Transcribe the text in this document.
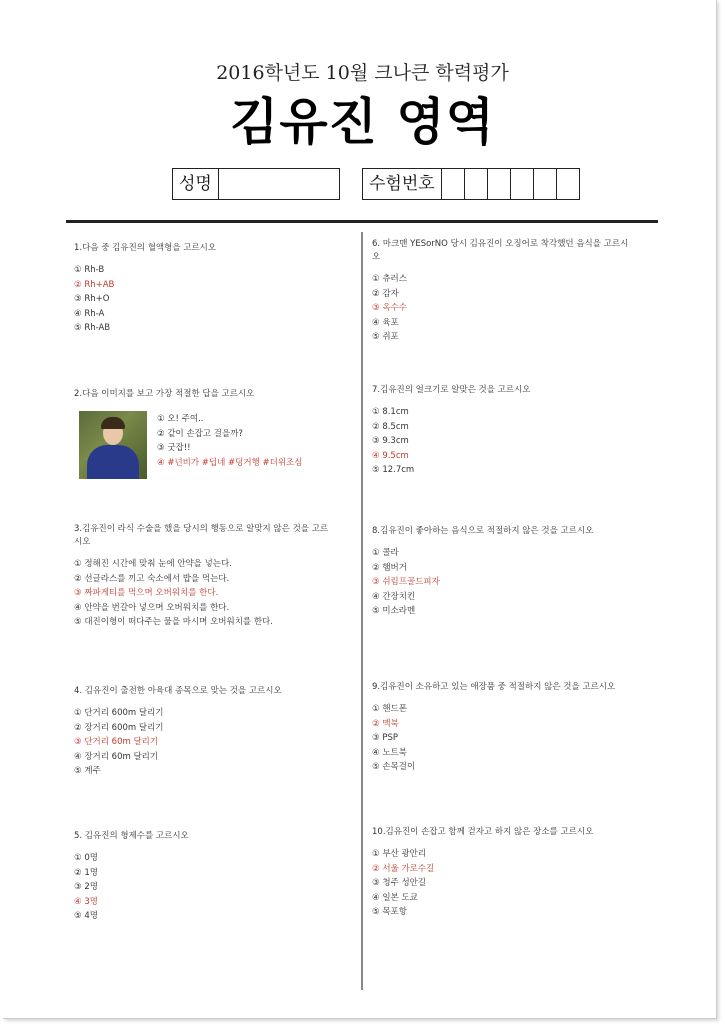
2016학년도 10월 크나큰 학력평가
김유진 영역
성명	수험번호
1.다음 중 김유진의 혈액형을 고르시오
① Rh-B
② Rh+AB
③ Rh+O
④ Rh-A
⑤ Rh-AB
2.다음 이미지를 보고 가장 적절한 답을 고르시오
① 오! 주여..
② 같이 손잡고 걸을까?
③ 굿잡!!
④ #넌비가 #덥네 #덩거행 #더위조심
3.김유진이 라식 수술을 했을 당시의 행동으로 알맞지 않은 것을 고르시오
① 정해진 시간에 맞춰 눈에 안약을 넣는다.
② 선글라스를 끼고 숙소에서 밥을 먹는다.
③ 짜파게티를 먹으며 오버워치를 한다.
④ 안약을 번갈아 넣으며 오버워치를 한다.
⑤ 대진이형이 떠다주는 물을 마시며 오버워치를 한다.
4. 김유진이 출전한 아육대 종목으로 맞는 것을 고르시오
① 단거리 600m 달리기
② 장거리 600m 달리기
③ 단거리 60m 달리기
④ 장거리 60m 달리기
⑤ 계주
5. 김유진의 형제수를 고르시오
① 0명
② 1명
③ 2명
④ 3명
⑤ 4명
6. 마크맨 YESorNO 당시 김유진이 오징어로 착각했던 음식을 고르시오
① 츄러스
② 감자
③ 옥수수
④ 육포
⑤ 쥐포
7.김유진의 얼크기로 알맞은 것을 고르시오
① 8.1cm
② 8.5cm
③ 9.3cm
④ 9.5cm
⑤ 12.7cm
8.김유진이 좋아하는 음식으로 적절하지 않은 것을 고르시오
① 콜라
② 햄버거
③ 쉬림프골드피자
④ 간장치킨
⑤ 미소라멘
9.김유진이 소유하고 있는 애장품 중 적절하지 않은 것을 고르시오
① 핸드폰
② 맥북
③ PSP
④ 노트북
⑤ 손목걸이
10.김유진이 손잡고 함께 걷자고 하지 않은 장소를 고르시오
① 부산 광안리
② 서울 가로수길
③ 청주 성안길
④ 일본 도쿄
⑤ 목포항
